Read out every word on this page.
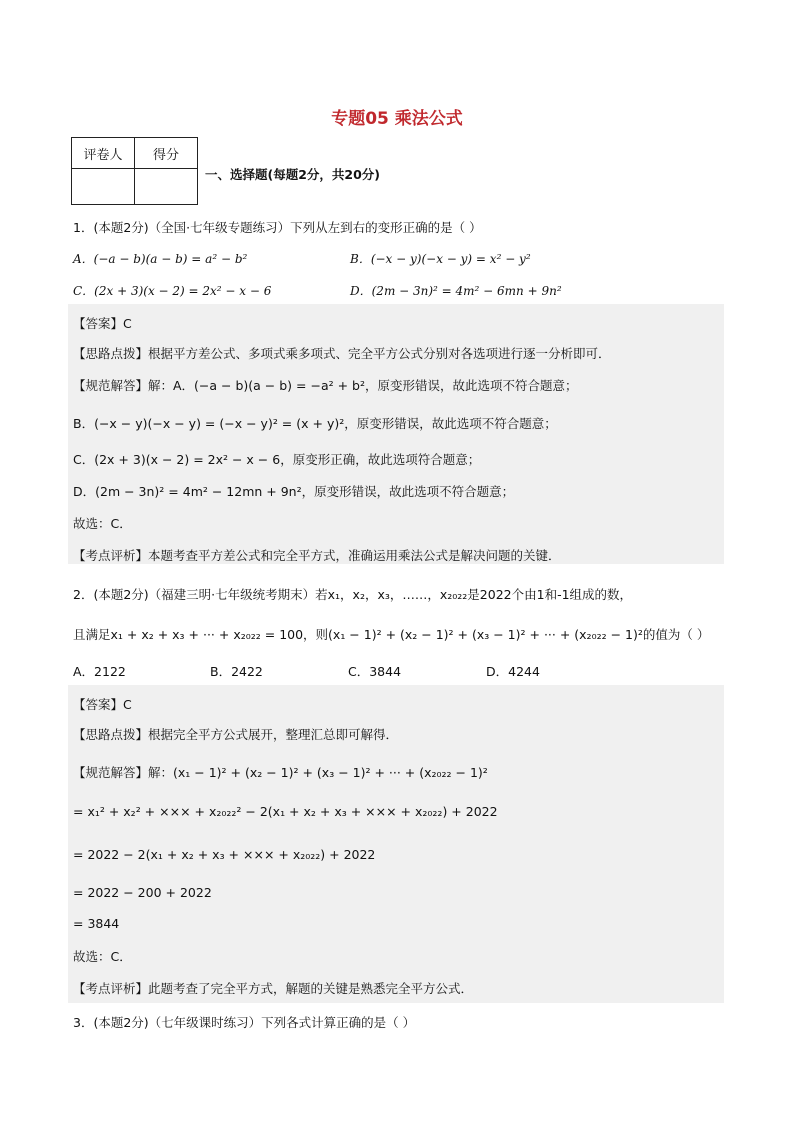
专题05 乘法公式
评卷人	得分

一、选择题(每题2分，共20分)
1．(本题2分)（全国·七年级专题练习）下列从左到右的变形正确的是（ ）
A．(−a − b)(a − b) = a² − b²	B．(−x − y)(−x − y) = x² − y²
C．(2x + 3)(x − 2) = 2x² − x − 6	D．(2m − 3n)² = 4m² − 6mn + 9n²
【答案】C
【思路点拨】根据平方差公式、多项式乘多项式、完全平方公式分别对各选项进行逐一分析即可．
【规范解答】解：A．(−a − b)(a − b) = −a² + b²，原变形错误，故此选项不符合题意；
B．(−x − y)(−x − y) = (−x − y)² = (x + y)²，原变形错误，故此选项不符合题意；
C．(2x + 3)(x − 2) = 2x² − x − 6，原变形正确，故此选项符合题意；
D．(2m − 3n)² = 4m² − 12mn + 9n²，原变形错误，故此选项不符合题意；
故选：C．
【考点评析】本题考查平方差公式和完全平方式，准确运用乘法公式是解决问题的关键．
2．(本题2分)（福建三明·七年级统考期末）若x₁，x₂，x₃，……，x₂₀₂₂是2022个由1和-1组成的数，
且满足x₁ + x₂ + x₃ + ··· + x₂₀₂₂ = 100，则(x₁ − 1)² + (x₂ − 1)² + (x₃ − 1)² + ··· + (x₂₀₂₂ − 1)²的值为（ ）
A．2122	B．2422	C．3844	D．4244
【答案】C
【思路点拨】根据完全平方公式展开，整理汇总即可解得．
【规范解答】解：(x₁ − 1)² + (x₂ − 1)² + (x₃ − 1)² + ··· + (x₂₀₂₂ − 1)²
= x₁² + x₂² + ××× + x₂₀₂₂² − 2(x₁ + x₂ + x₃ + ××× + x₂₀₂₂) + 2022
= 2022 − 2(x₁ + x₂ + x₃ + ××× + x₂₀₂₂) + 2022
= 2022 − 200 + 2022
= 3844
故选：C．
【考点评析】此题考查了完全平方式，解题的关键是熟悉完全平方公式．
3．(本题2分)（七年级课时练习）下列各式计算正确的是（ ）
